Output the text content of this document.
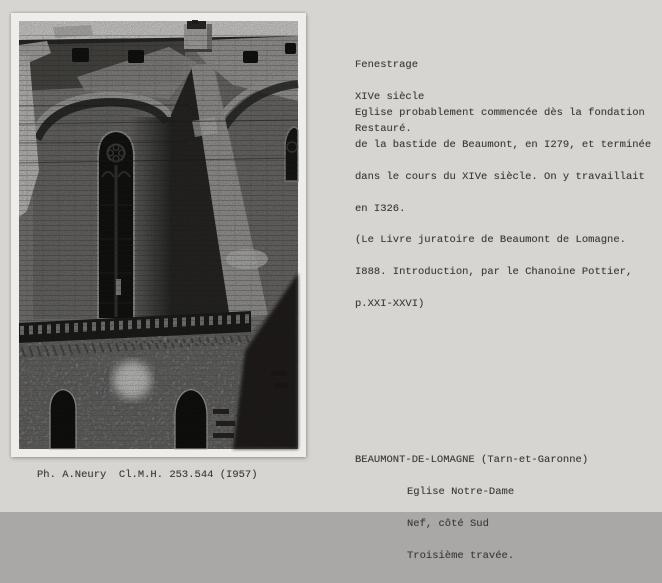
Ph. A.Neury  Cl.M.H. 253.544 (I957)

Fenestrage

XIVe siècle

Restauré.

Eglise probablement commencée dès la fondation

de la bastide de Beaumont, en I279, et terminée

dans le cours du XIVe siècle. On y travaillait

en I326.

(Le Livre juratoire de Beaumont de Lomagne.

I888. Introduction, par le Chanoine Pottier,

p.XXI-XXVI)

BEAUMONT-DE-LOMAGNE (Tarn-et-Garonne)

Eglise Notre-Dame

Nef, côté Sud

Troisième travée.
